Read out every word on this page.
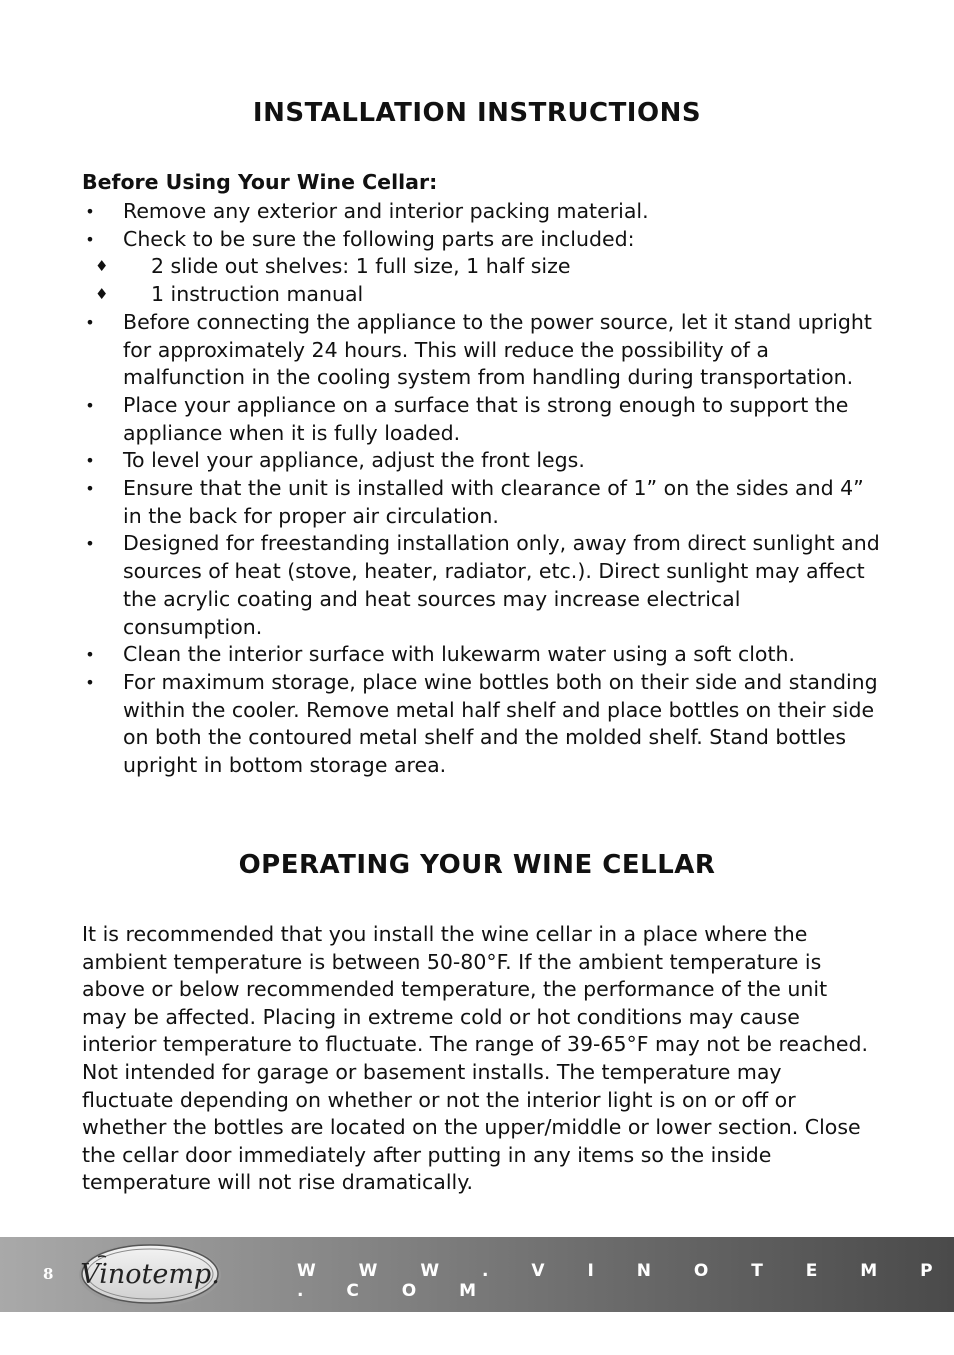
INSTALLATION INSTRUCTIONS

Before Using Your Wine Cellar:

• Remove any exterior and interior packing material.
• Check to be sure the following parts are included:
♦ 2 slide out shelves: 1 full size, 1 half size
♦ 1 instruction manual
• Before connecting the appliance to the power source, let it stand upright for approximately 24 hours. This will reduce the possibility of a malfunction in the cooling system from handling during transportation.
• Place your appliance on a surface that is strong enough to support the appliance when it is fully loaded.
• To level your appliance, adjust the front legs.
• Ensure that the unit is installed with clearance of 1” on the sides and 4” in the back for proper air circulation.
• Designed for freestanding installation only, away from direct sunlight and sources of heat (stove, heater, radiator, etc.). Direct sunlight may affect the acrylic coating and heat sources may increase electrical consumption.
• Clean the interior surface with lukewarm water using a soft cloth.
• For maximum storage, place wine bottles both on their side and standing within the cooler. Remove metal half shelf and place bottles on their side on both the contoured metal shelf and the molded shelf. Stand bottles upright in bottom storage area.
OPERATING YOUR WINE CELLAR

It is recommended that you install the wine cellar in a place where the ambient temperature is between 50-80°F. If the ambient temperature is above or below recommended temperature, the performance of the unit may be affected. Placing in extreme cold or hot conditions may cause interior temperature to fluctuate. The range of 39-65°F may not be reached. Not intended for garage or basement installs. The temperature may fluctuate depending on whether or not the interior light is on or off or whether the bottles are located on the upper/middle or lower section. Close the cellar door immediately after putting in any items so the inside temperature will not rise dramatically.

8 Vinotemp.	W W W . V I N O T E M P . C O M
